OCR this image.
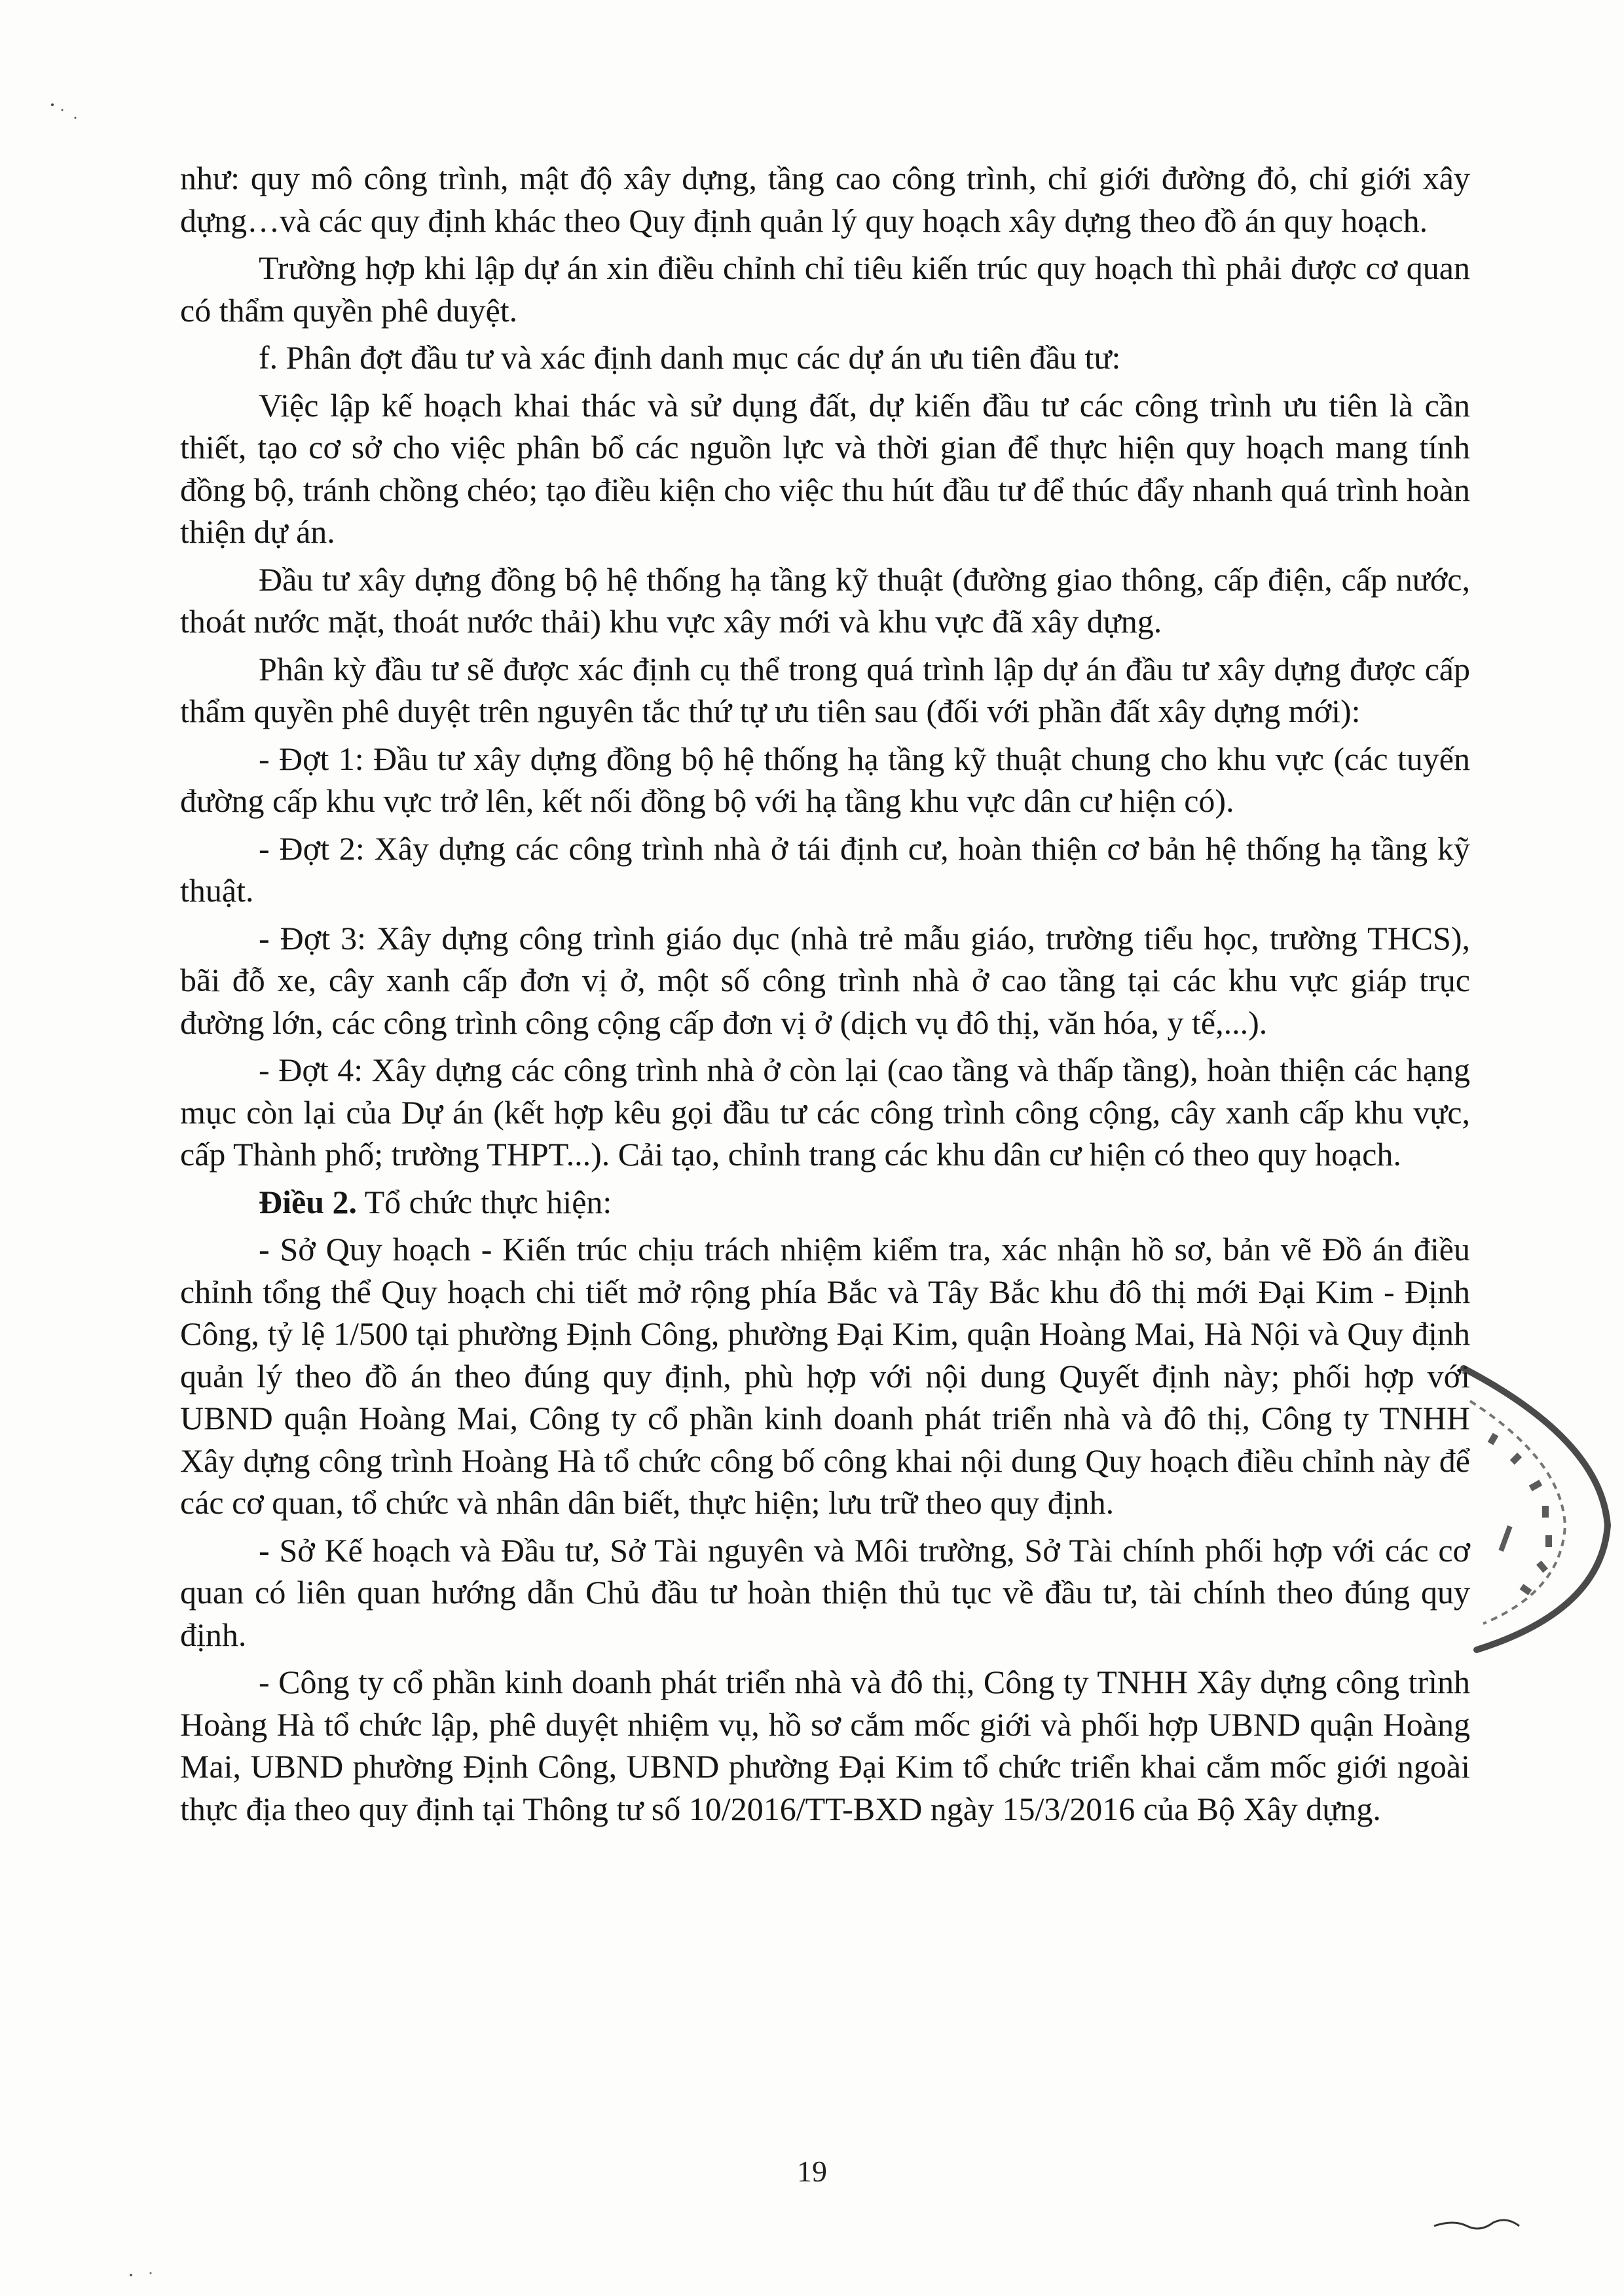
như: quy mô công trình, mật độ xây dựng, tầng cao công trình, chỉ giới đường đỏ, chỉ giới xây dựng…và các quy định khác theo Quy định quản lý quy hoạch xây dựng theo đồ án quy hoạch.

Trường hợp khi lập dự án xin điều chỉnh chỉ tiêu kiến trúc quy hoạch thì phải được cơ quan có thẩm quyền phê duyệt.

f. Phân đợt đầu tư và xác định danh mục các dự án ưu tiên đầu tư:

Việc lập kế hoạch khai thác và sử dụng đất, dự kiến đầu tư các công trình ưu tiên là cần thiết, tạo cơ sở cho việc phân bổ các nguồn lực và thời gian để thực hiện quy hoạch mang tính đồng bộ, tránh chồng chéo; tạo điều kiện cho việc thu hút đầu tư để thúc đẩy nhanh quá trình hoàn thiện dự án.

Đầu tư xây dựng đồng bộ hệ thống hạ tầng kỹ thuật (đường giao thông, cấp điện, cấp nước, thoát nước mặt, thoát nước thải) khu vực xây mới và khu vực đã xây dựng.

Phân kỳ đầu tư sẽ được xác định cụ thể trong quá trình lập dự án đầu tư xây dựng được cấp thẩm quyền phê duyệt trên nguyên tắc thứ tự ưu tiên sau (đối với phần đất xây dựng mới):

- Đợt 1: Đầu tư xây dựng đồng bộ hệ thống hạ tầng kỹ thuật chung cho khu vực (các tuyến đường cấp khu vực trở lên, kết nối đồng bộ với hạ tầng khu vực dân cư hiện có).

- Đợt 2: Xây dựng các công trình nhà ở tái định cư, hoàn thiện cơ bản hệ thống hạ tầng kỹ thuật.

- Đợt 3: Xây dựng công trình giáo dục (nhà trẻ mẫu giáo, trường tiểu học, trường THCS), bãi đỗ xe, cây xanh cấp đơn vị ở, một số công trình nhà ở cao tầng tại các khu vực giáp trục đường lớn, các công trình công cộng cấp đơn vị ở (dịch vụ đô thị, văn hóa, y tế,...).

- Đợt 4: Xây dựng các công trình nhà ở còn lại (cao tầng và thấp tầng), hoàn thiện các hạng mục còn lại của Dự án (kết hợp kêu gọi đầu tư các công trình công cộng, cây xanh cấp khu vực, cấp Thành phố; trường THPT...). Cải tạo, chỉnh trang các khu dân cư hiện có theo quy hoạch.

Điều 2. Tổ chức thực hiện:

- Sở Quy hoạch - Kiến trúc chịu trách nhiệm kiểm tra, xác nhận hồ sơ, bản vẽ Đồ án điều chỉnh tổng thể Quy hoạch chi tiết mở rộng phía Bắc và Tây Bắc khu đô thị mới Đại Kim - Định Công, tỷ lệ 1/500 tại phường Định Công, phường Đại Kim, quận Hoàng Mai, Hà Nội và Quy định quản lý theo đồ án theo đúng quy định, phù hợp với nội dung Quyết định này; phối hợp với UBND quận Hoàng Mai, Công ty cổ phần kinh doanh phát triển nhà và đô thị, Công ty TNHH Xây dựng công trình Hoàng Hà tổ chức công bố công khai nội dung Quy hoạch điều chỉnh này để các cơ quan, tổ chức và nhân dân biết, thực hiện; lưu trữ theo quy định.

- Sở Kế hoạch và Đầu tư, Sở Tài nguyên và Môi trường, Sở Tài chính phối hợp với các cơ quan có liên quan hướng dẫn Chủ đầu tư hoàn thiện thủ tục về đầu tư, tài chính theo đúng quy định.

- Công ty cổ phần kinh doanh phát triển nhà và đô thị, Công ty TNHH Xây dựng công trình Hoàng Hà tổ chức lập, phê duyệt nhiệm vụ, hồ sơ cắm mốc giới và phối hợp UBND quận Hoàng Mai, UBND phường Định Công, UBND phường Đại Kim tổ chức triển khai cắm mốc giới ngoài thực địa theo quy định tại Thông tư số 10/2016/TT-BXD ngày 15/3/2016 của Bộ Xây dựng.

19
